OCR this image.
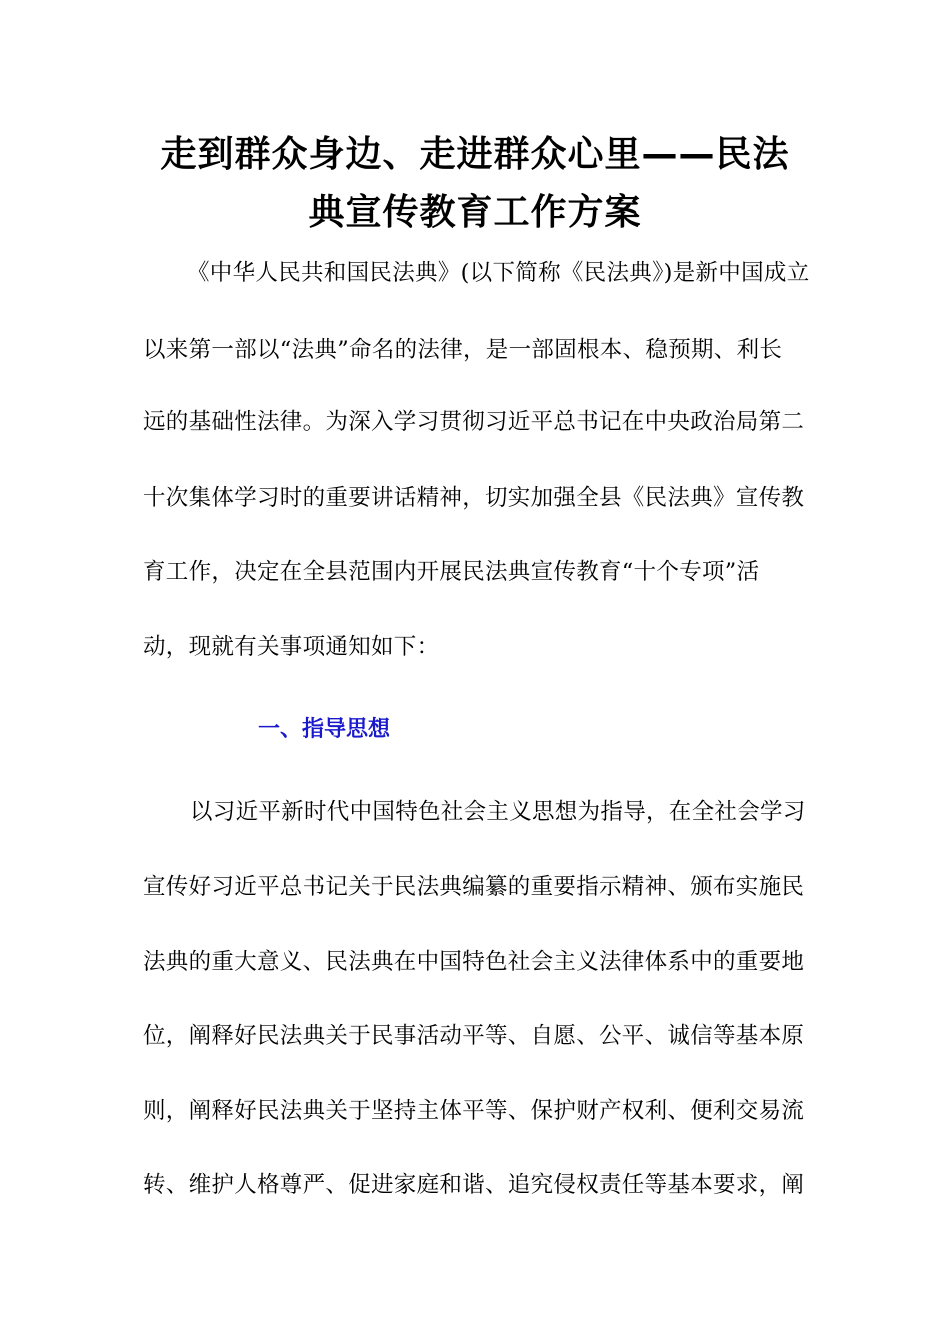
走到群众身边、走进群众心里——民法
典宣传教育工作方案
《中华人民共和国民法典》(以下简称《民法典》)是新中国成立
以来第一部以“法典”命名的法律，是一部固根本、稳预期、利长
远的基础性法律。为深入学习贯彻习近平总书记在中央政治局第二
十次集体学习时的重要讲话精神，切实加强全县《民法典》宣传教
育工作，决定在全县范围内开展民法典宣传教育“十个专项”活
动，现就有关事项通知如下：
一、指导思想
以习近平新时代中国特色社会主义思想为指导，在全社会学习
宣传好习近平总书记关于民法典编纂的重要指示精神、颁布实施民
法典的重大意义、民法典在中国特色社会主义法律体系中的重要地
位，阐释好民法典关于民事活动平等、自愿、公平、诚信等基本原
则，阐释好民法典关于坚持主体平等、保护财产权利、便利交易流
转、维护人格尊严、促进家庭和谐、追究侵权责任等基本要求，阐
